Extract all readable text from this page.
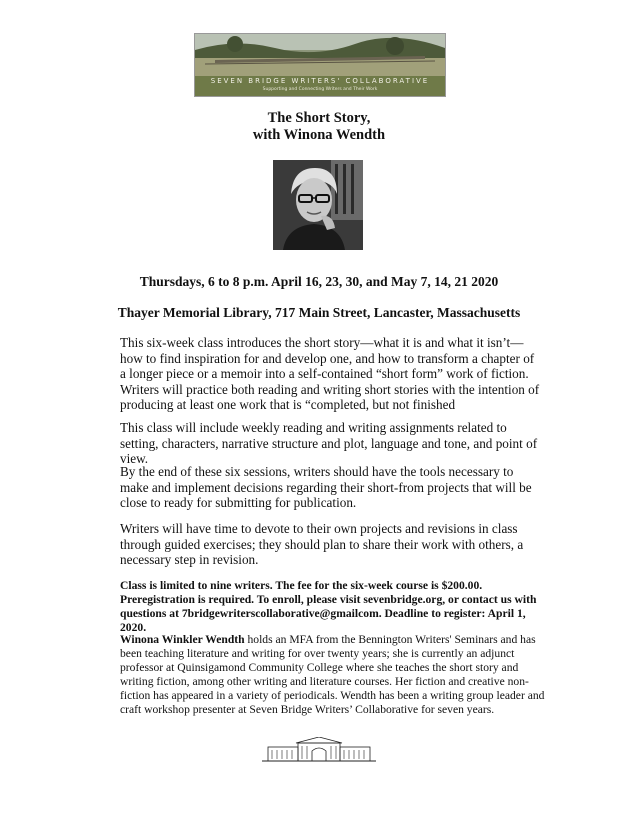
SEVEN BRIDGE WRITERS' COLLABORATIVE
Supporting and Connecting Writers and Their Work
The Short Story,
with Winona Wendth
Thursdays, 6 to 8 p.m. April 16, 23, 30, and May 7, 14, 21 2020
Thayer Memorial Library, 717 Main Street, Lancaster, Massachusetts

This six-week class introduces the short story—what it is and what it isn’t—how to find inspiration for and develop one, and how to transform a chapter of a longer piece or a memoir into a self-contained “short form” work of fiction. Writers will practice both reading and writing short stories with the intention of producing at least one work that is “completed, but not finished

This class will include weekly reading and writing assignments related to setting, characters, narrative structure and plot, language and tone, and point of view.

By the end of these six sessions, writers should have the tools necessary to make and implement decisions regarding their short-from projects that will be close to ready for submitting for publication.

Writers will have time to devote to their own projects and revisions in class through guided exercises; they should plan to share their work with others, a necessary step in revision.

Class is limited to nine writers. The fee for the six-week course is $200.00. Preregistration is required. To enroll, please visit sevenbridge.org, or contact us with questions at 7bridgewriterscollaborative@gmailcom. Deadline to register: April 1, 2020.

Winona Winkler Wendth holds an MFA from the Bennington Writers' Seminars and has been teaching literature and writing for over twenty years; she is currently an adjunct professor at Quinsigamond Community College where she teaches the short story and writing fiction, among other writing and literature courses. Her fiction and creative non-fiction has appeared in a variety of periodicals. Wendth has been a writing group leader and craft workshop presenter at Seven Bridge Writers’ Collaborative for seven years.
